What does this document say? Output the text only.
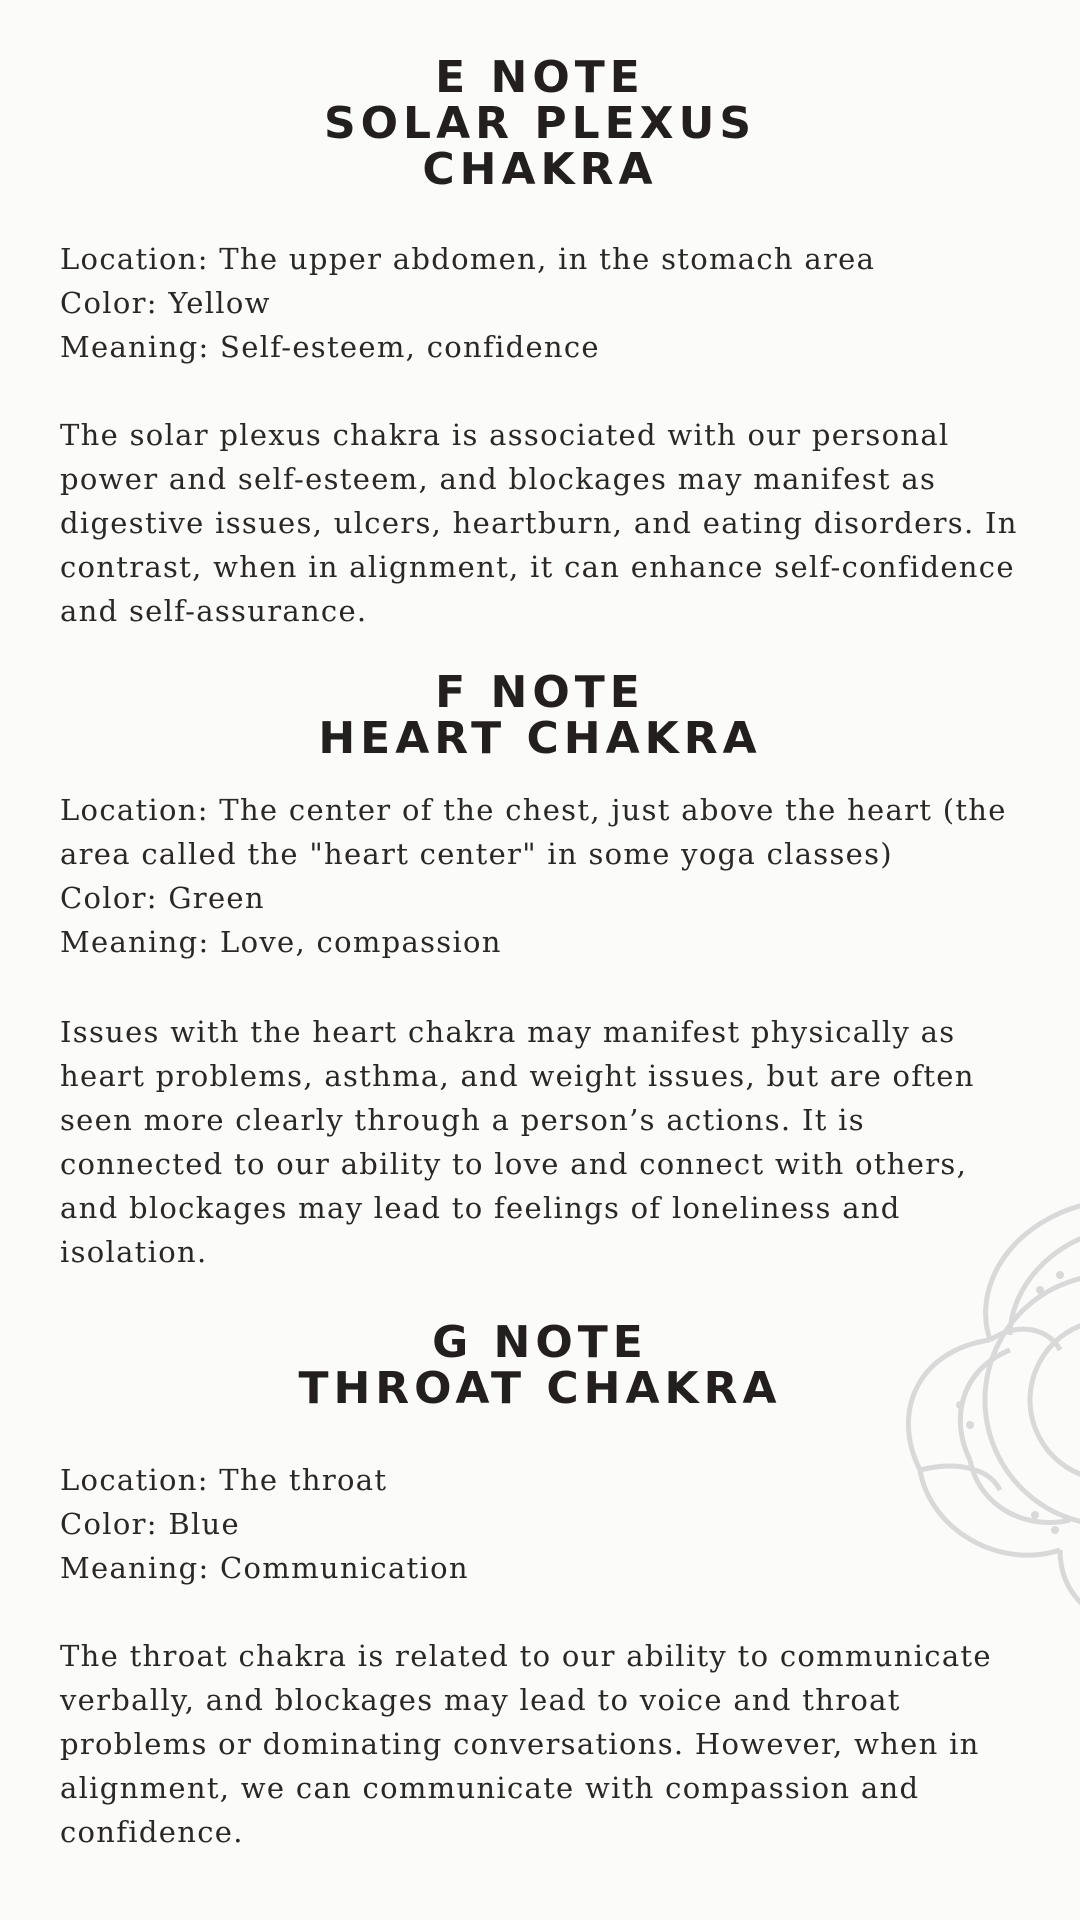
E NOTE
SOLAR PLEXUS
CHAKRA
Location: The upper abdomen, in the stomach area
Color: Yellow
Meaning: Self-esteem, confidence
The solar plexus chakra is associated with our personal
power and self-esteem, and blockages may manifest as
digestive issues, ulcers, heartburn, and eating disorders. In
contrast, when in alignment, it can enhance self-confidence
and self-assurance.
F NOTE
HEART CHAKRA
Location: The center of the chest, just above the heart (the
area called the "heart center" in some yoga classes)
Color: Green
Meaning: Love, compassion
Issues with the heart chakra may manifest physically as
heart problems, asthma, and weight issues, but are often
seen more clearly through a person’s actions. It is
connected to our ability to love and connect with others,
and blockages may lead to feelings of loneliness and
isolation.
G NOTE
THROAT CHAKRA
Location: The throat
Color: Blue
Meaning: Communication
The throat chakra is related to our ability to communicate
verbally, and blockages may lead to voice and throat
problems or dominating conversations. However, when in
alignment, we can communicate with compassion and
confidence.
